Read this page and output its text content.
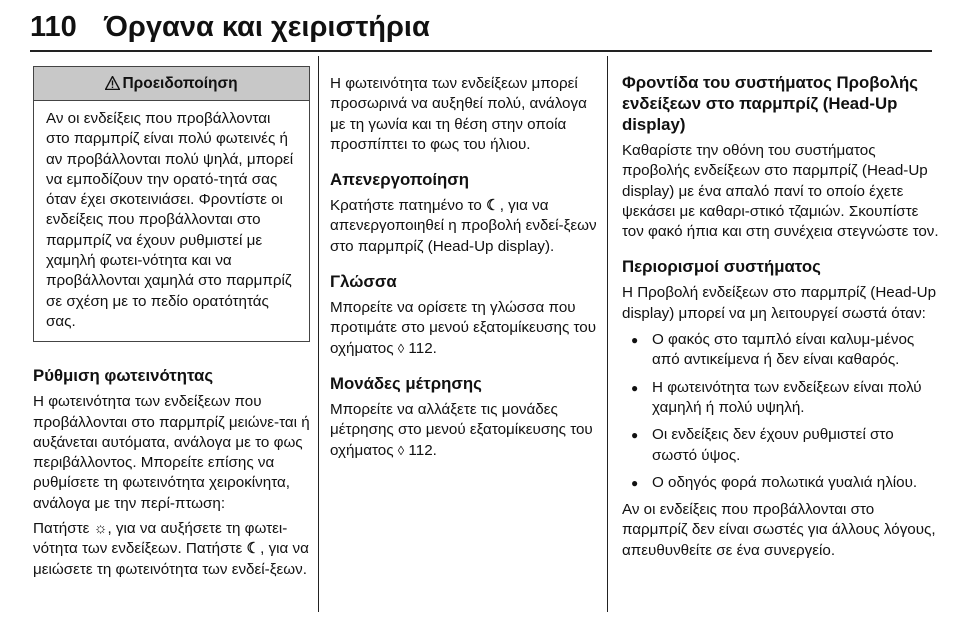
110 Όργανα και χειριστήρια
Προειδοποίηση
Αν οι ενδείξεις που προβάλλονται στο παρμπρίζ είναι πολύ φωτεινές ή αν προβάλλονται πολύ ψηλά, μπορεί να εμποδίζουν την ορατό-τητά σας όταν έχει σκοτεινιάσει. Φροντίστε οι ενδείξεις που προβάλλονται στο παρμπρίζ να έχουν ρυθμιστεί με χαμηλή φωτει-νότητα και να προβάλλονται χαμηλά στο παρμπρίζ σε σχέση με το πεδίο ορατότητάς σας.
Ρύθμιση φωτεινότητας

Η φωτεινότητα των ενδείξεων που προβάλλονται στο παρμπρίζ μειώνε-ται ή αυξάνεται αυτόματα, ανάλογα με το φως περιβάλλοντος. Μπορείτε επίσης να ρυθμίσετε τη φωτεινότητα χειροκίνητα, ανάλογα με την περί-πτωση:

Πατήστε ☼, για να αυξήσετε τη φωτει-νότητα των ενδείξεων. Πατήστε ☾, για να μειώσετε τη φωτεινότητα των ενδεί-ξεων.

Η φωτεινότητα των ενδείξεων μπορεί προσωρινά να αυξηθεί πολύ, ανάλογα με τη γωνία και τη θέση στην οποία προσπίπτει το φως του ήλιου.

Απενεργοποίηση

Κρατήστε πατημένο το ☾, για να απενεργοποιηθεί η προβολή ενδεί-ξεων στο παρμπρίζ (Head-Up display).

Γλώσσα

Μπορείτε να ορίσετε τη γλώσσα που προτιμάτε στο μενού εξατομίκευσης του οχήματος ◊ 112.

Μονάδες μέτρησης

Μπορείτε να αλλάξετε τις μονάδες μέτρησης στο μενού εξατομίκευσης του οχήματος ◊ 112.

Φροντίδα του συστήματος Προβολής ενδείξεων στο παρμπρίζ (Head-Up display)

Καθαρίστε την οθόνη του συστήματος προβολής ενδείξεων στο παρμπρίζ (Head-Up display) με ένα απαλό πανί το οποίο έχετε ψεκάσει με καθαρι-στικό τζαμιών. Σκουπίστε τον φακό ήπια και στη συνέχεια στεγνώστε τον.

Περιορισμοί συστήματος

Η Προβολή ενδείξεων στο παρμπρίζ (Head-Up display) μπορεί να μη λειτουργεί σωστά όταν:

● Ο φακός στο ταμπλό είναι καλυμ-μένος από αντικείμενα ή δεν είναι καθαρός.
● Η φωτεινότητα των ενδείξεων είναι πολύ χαμηλή ή πολύ υψηλή.
● Οι ενδείξεις δεν έχουν ρυθμιστεί στο σωστό ύψος.
● Ο οδηγός φορά πολωτικά γυαλιά ηλίου.

Αν οι ενδείξεις που προβάλλονται στο παρμπρίζ δεν είναι σωστές για άλλους λόγους, απευθυνθείτε σε ένα συνεργείο.
